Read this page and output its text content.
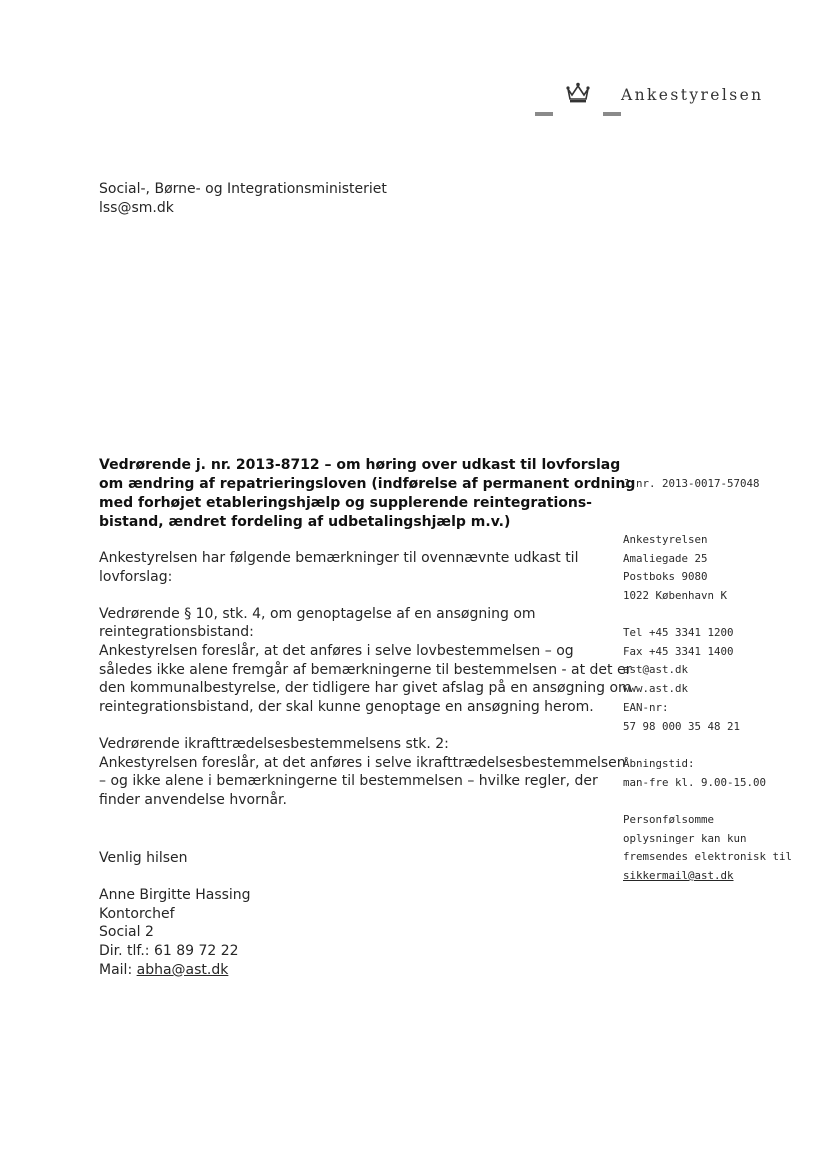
Ankestyrelsen
Social-, Børne- og Integrationsministeriet
lss@sm.dk
Vedrørende j. nr. 2013-8712 – om høring over udkast til lovforslag
om ændring af repatrieringsloven (indførelse af permanent ordning
med forhøjet etableringshjælp og supplerende reintegrations-
bistand, ændret fordeling af udbetalingshjælp m.v.)
Ankestyrelsen har følgende bemærkninger til ovennævnte udkast til
lovforslag:
Vedrørende § 10, stk. 4, om genoptagelse af en ansøgning om
reintegrationsbistand:
Ankestyrelsen foreslår, at det anføres i selve lovbestemmelsen – og
således ikke alene fremgår af bemærkningerne til bestemmelsen - at det er
den kommunalbestyrelse, der tidligere har givet afslag på en ansøgning om
reintegrationsbistand, der skal kunne genoptage en ansøgning herom.
Vedrørende ikrafttrædelsesbestemmelsens stk. 2:
Ankestyrelsen foreslår, at det anføres i selve ikrafttrædelsesbestemmelsen
– og ikke alene i bemærkningerne til bestemmelsen – hvilke regler, der
finder anvendelse hvornår.
Venlig hilsen
Anne Birgitte Hassing
Kontorchef
Social 2
Dir. tlf.: 61 89 72 22
Mail: abha@ast.dk
J.nr. 2013-0017-57048
Ankestyrelsen
Amaliegade 25
Postboks 9080
1022 København K
Tel +45 3341 1200
Fax +45 3341 1400
ast@ast.dk
www.ast.dk
EAN-nr:
57 98 000 35 48 21
Åbningstid:
man-fre kl. 9.00-15.00
Personfølsomme
oplysninger kan kun
fremsendes elektronisk til
sikkermail@ast.dk
